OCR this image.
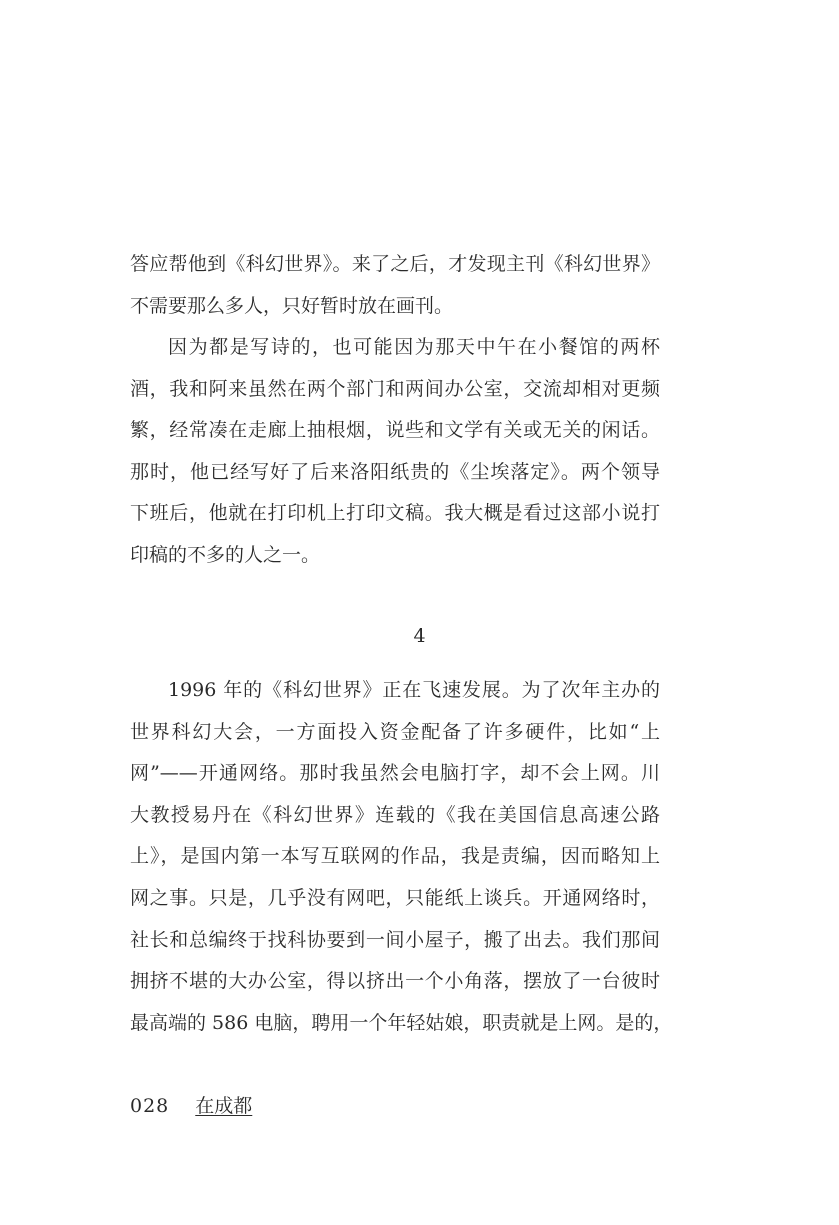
答应帮他到《科幻世界》。来了之后，才发现主刊《科幻世界》
不需要那么多人，只好暂时放在画刊。
因为都是写诗的，也可能因为那天中午在小餐馆的两杯
酒，我和阿来虽然在两个部门和两间办公室，交流却相对更频
繁，经常凑在走廊上抽根烟，说些和文学有关或无关的闲话。
那时，他已经写好了后来洛阳纸贵的《尘埃落定》。两个领导
下班后，他就在打印机上打印文稿。我大概是看过这部小说打
印稿的不多的人之一。
4
1996 年的《科幻世界》正在飞速发展。为了次年主办的
世界科幻大会，一方面投入资金配备了许多硬件，比如“上
网”——开通网络。那时我虽然会电脑打字，却不会上网。川
大教授易丹在《科幻世界》连载的《我在美国信息高速公路
上》，是国内第一本写互联网的作品，我是责编，因而略知上
网之事。只是，几乎没有网吧，只能纸上谈兵。开通网络时，
社长和总编终于找科协要到一间小屋子，搬了出去。我们那间
拥挤不堪的大办公室，得以挤出一个小角落，摆放了一台彼时
最高端的 586 电脑，聘用一个年轻姑娘，职责就是上网。是的，
028 在成都
